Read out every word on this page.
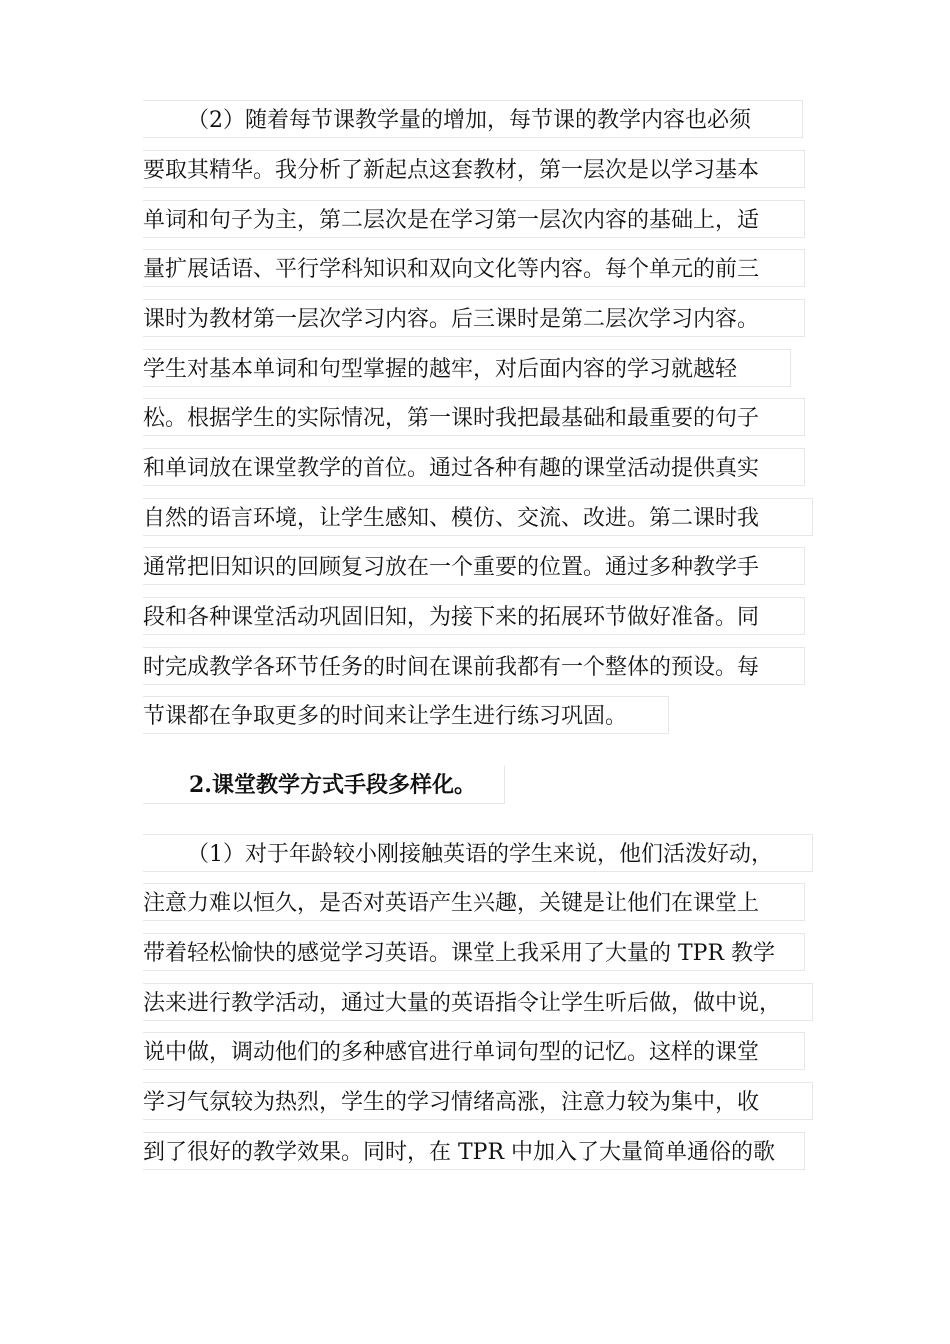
（2）随着每节课教学量的增加，每节课的教学内容也必须
要取其精华。我分析了新起点这套教材，第一层次是以学习基本
单词和句子为主，第二层次是在学习第一层次内容的基础上，适
量扩展话语、平行学科知识和双向文化等内容。每个单元的前三
课时为教材第一层次学习内容。后三课时是第二层次学习内容。
学生对基本单词和句型掌握的越牢，对后面内容的学习就越轻
松。根据学生的实际情况，第一课时我把最基础和最重要的句子
和单词放在课堂教学的首位。通过各种有趣的课堂活动提供真实
自然的语言环境，让学生感知、模仿、交流、改进。第二课时我
通常把旧知识的回顾复习放在一个重要的位置。通过多种教学手
段和各种课堂活动巩固旧知，为接下来的拓展环节做好准备。同
时完成教学各环节任务的时间在课前我都有一个整体的预设。每
节课都在争取更多的时间来让学生进行练习巩固。
2.课堂教学方式手段多样化。
（1）对于年龄较小刚接触英语的学生来说，他们活泼好动，
注意力难以恒久，是否对英语产生兴趣，关键是让他们在课堂上
带着轻松愉快的感觉学习英语。课堂上我采用了大量的 TPR 教学
法来进行教学活动，通过大量的英语指令让学生听后做，做中说，
说中做，调动他们的多种感官进行单词句型的记忆。这样的课堂
学习气氛较为热烈，学生的学习情绪高涨，注意力较为集中，收
到了很好的教学效果。同时，在 TPR 中加入了大量简单通俗的歌
